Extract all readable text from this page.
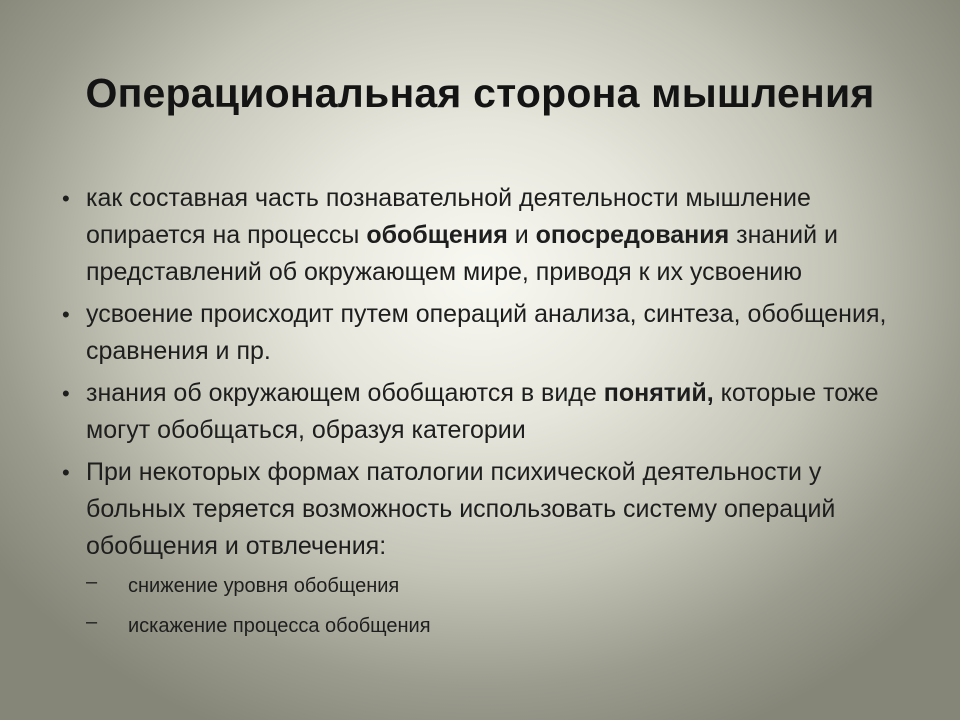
Операциональная сторона мышления
• как составная часть познавательной деятельности мышление опирается на процессы обобщения и опосредования знаний и представлений об окружающем мире, приводя к их усвоению
• усвоение происходит путем операций анализа, синтеза, обобщения, сравнения и пр.
• знания об окружающем обобщаются в виде понятий, которые тоже могут обобщаться, образуя категории
• При некоторых формах патологии психической деятельности у больных теряется возможность использовать систему операций обобщения и отвлечения:
– снижение уровня обобщения
– искажение процесса обобщения
